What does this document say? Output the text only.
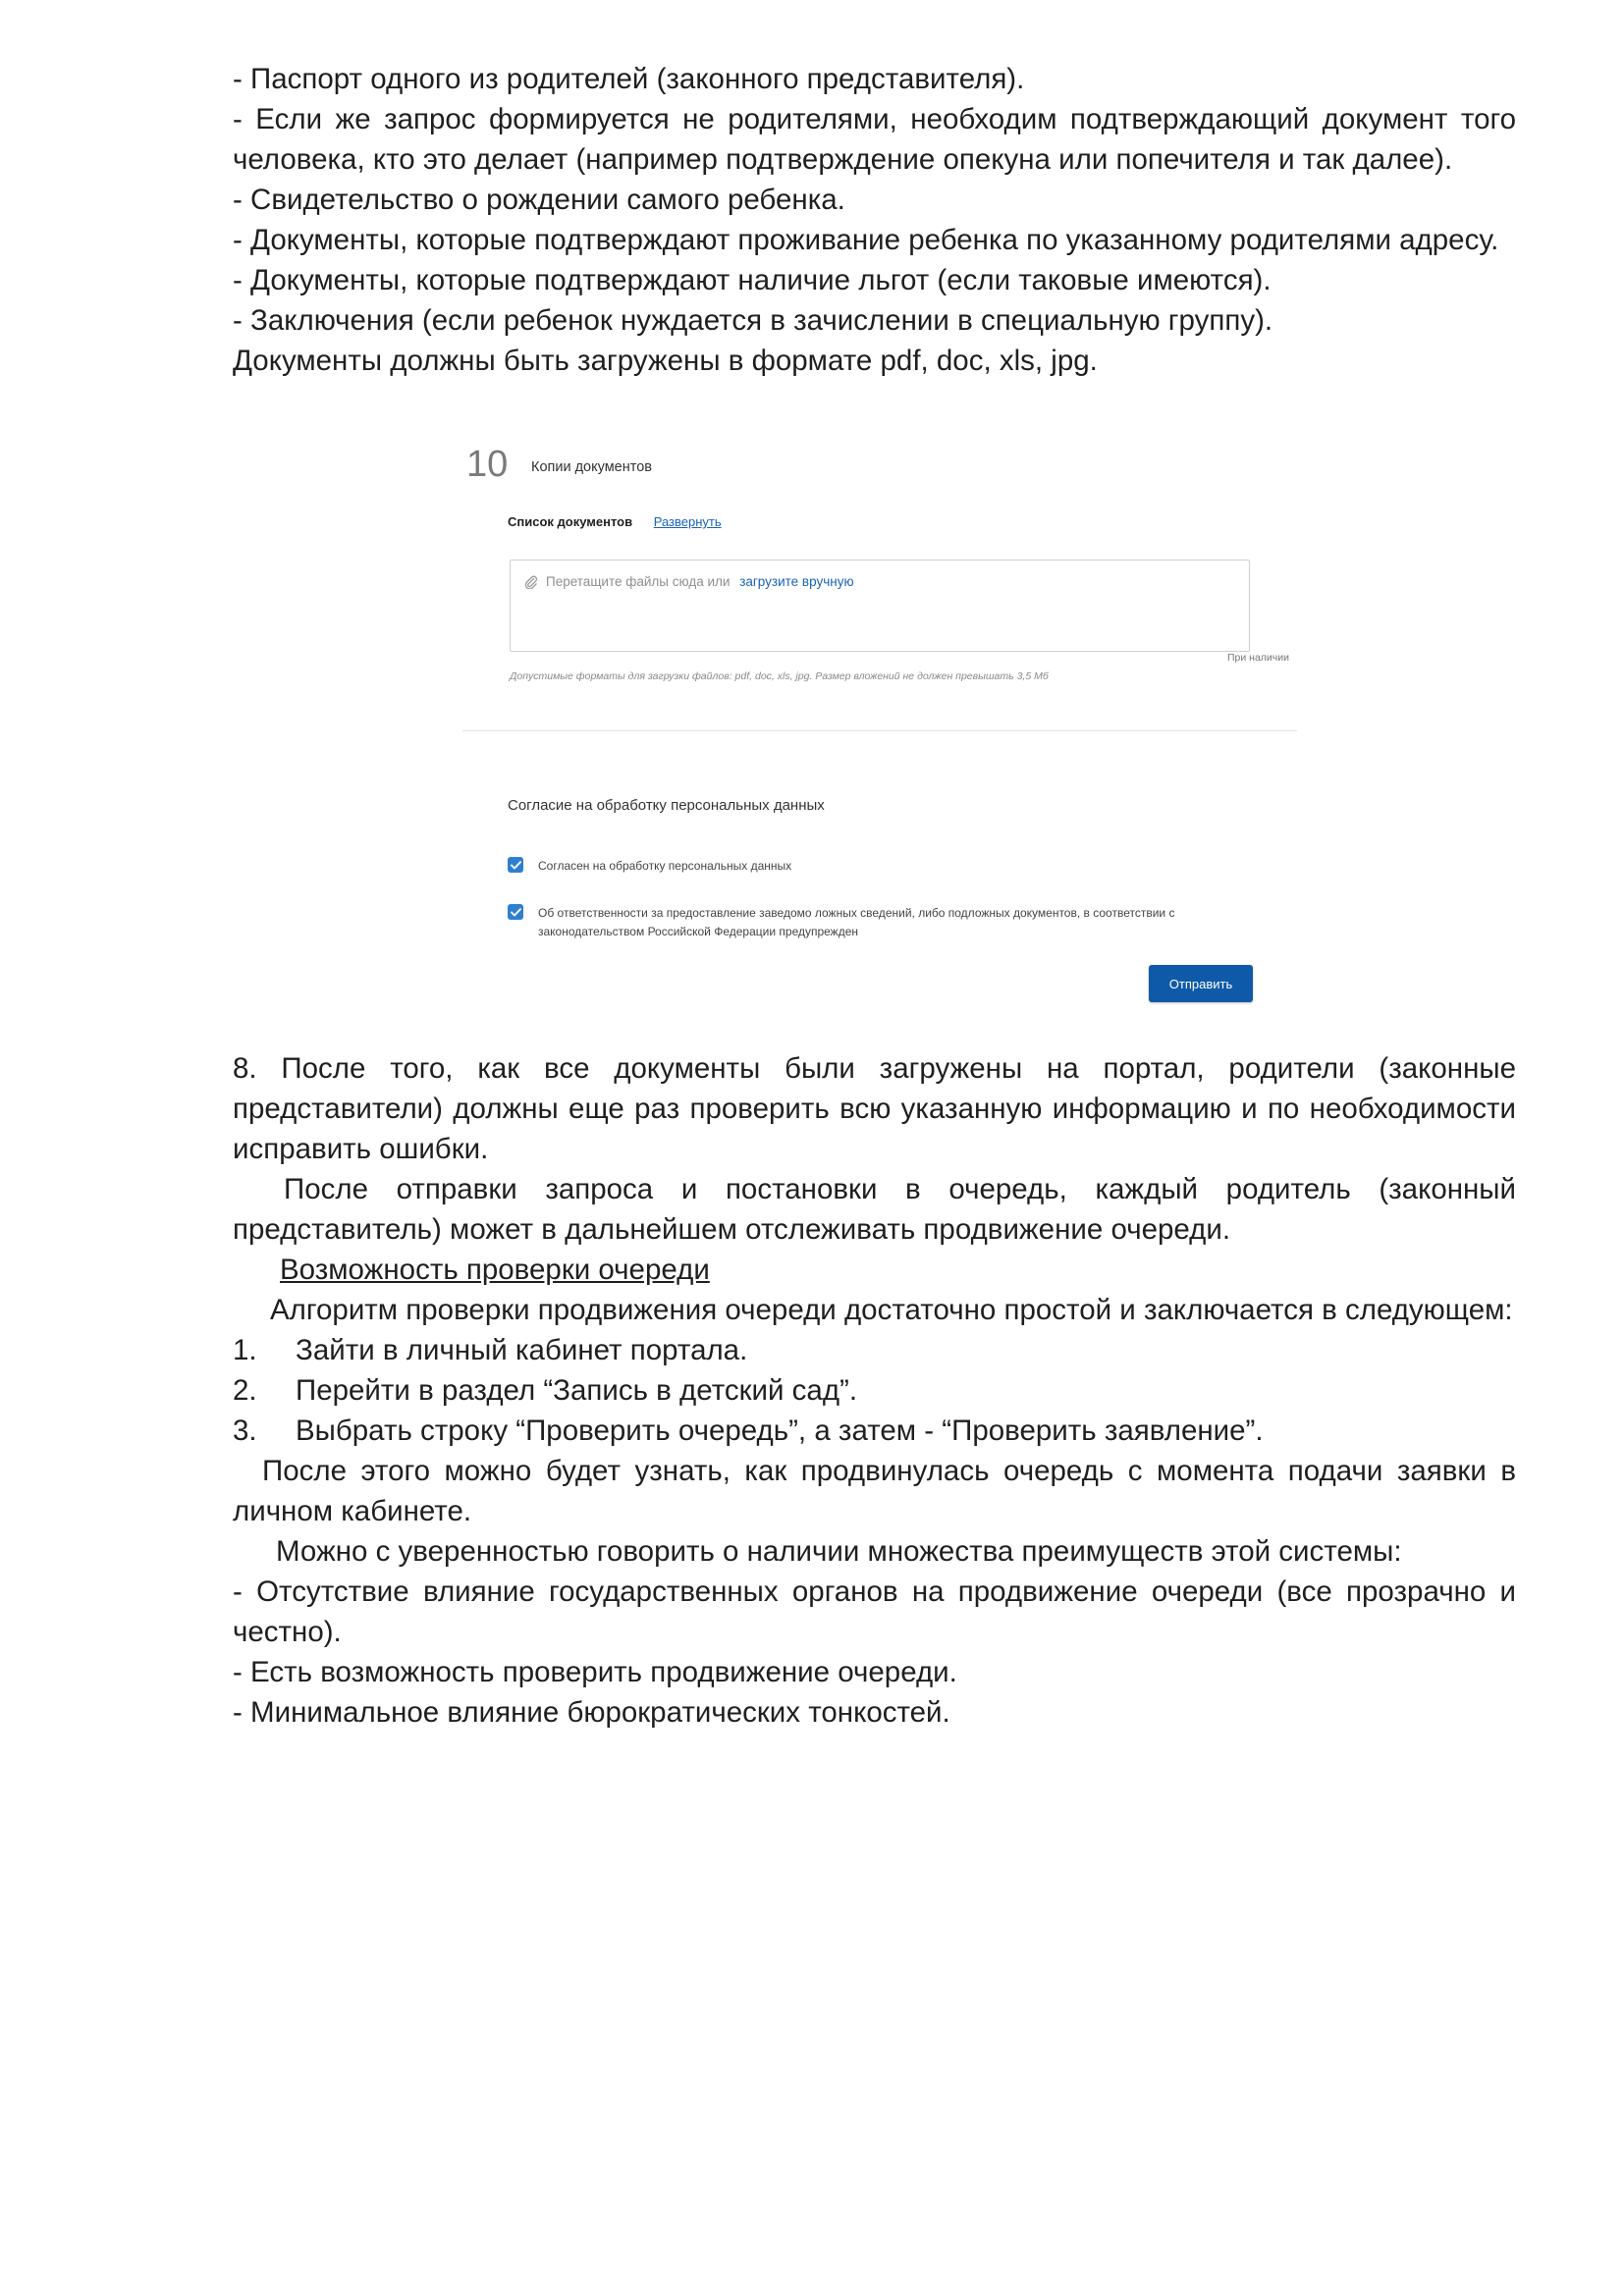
- Паспорт одного из родителей (законного представителя).

- Если же запрос формируется не родителями, необходим подтверждающий документ того человека, кто это делает (например подтверждение опекуна или попечителя и так далее).

- Свидетельство о рождении самого ребенка.

- Документы, которые подтверждают проживание ребенка по указанному родителями адресу.

- Документы, которые подтверждают наличие льгот (если таковые имеются).

- Заключения (если ребенок нуждается в зачислении в специальную группу).

Документы должны быть загружены в формате pdf, doc, xls, jpg.

10 Копии документов
Список документов Развернуть
Перетащите файлы сюда или загрузите вручную
При наличии
Допустимые форматы для загрузки файлов: pdf, doc, xls, jpg. Размер вложений не должен превышать 3,5 Мб
Согласие на обработку персональных данных
Согласен на обработку персональных данных
Об ответственности за предоставление заведомо ложных сведений, либо подложных документов, в соответствии с законодательством Российской Федерации предупрежден
Отправить

8. После того, как все документы были загружены на портал, родители (законные представители) должны еще раз проверить всю указанную информацию и по необходимости исправить ошибки.

После отправки запроса и постановки в очередь, каждый родитель (законный представитель) может в дальнейшем отслеживать продвижение очереди.

Возможность проверки очереди

Алгоритм проверки продвижения очереди достаточно простой и заключается в следующем:

1.	Зайти в личный кабинет портала.
2.	Перейти в раздел “Запись в детский сад”.
3.	Выбрать строку “Проверить очередь”, а затем - “Проверить заявление”.

После этого можно будет узнать, как продвинулась очередь с момента подачи заявки в личном кабинете.

Можно с уверенностью говорить о наличии множества преимуществ этой системы:

- Отсутствие влияние государственных органов на продвижение очереди (все прозрачно и честно).

- Есть возможность проверить продвижение очереди.

- Минимальное влияние бюрократических тонкостей.
